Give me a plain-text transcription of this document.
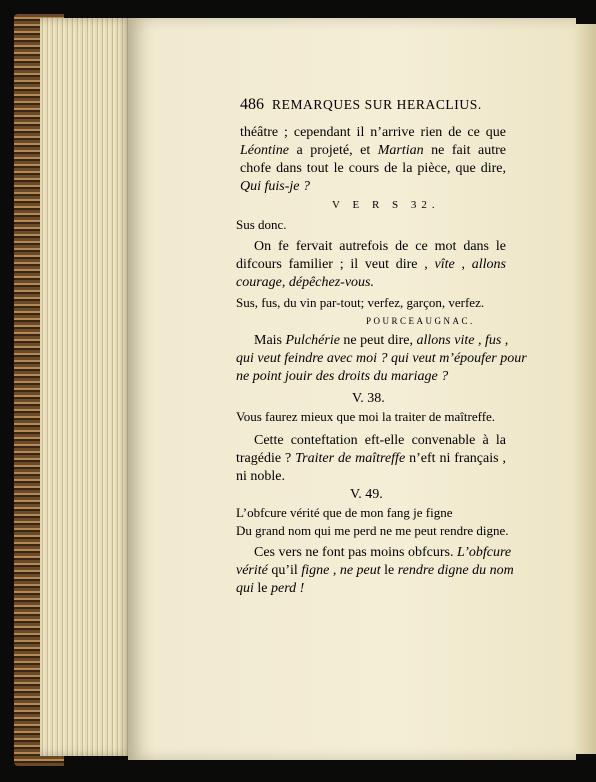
486 REMARQUES SUR HERACLIUS.
théâtre ; cependant il n’arrive rien de ce que
Léontine a projeté, et Martian ne fait autre
chofe dans tout le cours de la pièce, que dire,
Qui fuis-je ?
V E R S 32.
Sus donc.
On fe fervait autrefois de ce mot dans le
difcours familier ; il veut dire , vîte , allons
courage, dépêchez-vous.
Sus, fus, du vin par-tout; verfez, garçon, verfez.
POURCEAUGNAC.
Mais Pulchérie ne peut dire, allons vite , fus ,
qui veut feindre avec moi ? qui veut m’époufer pour
ne point jouir des droits du mariage ?
V. 38.
Vous faurez mieux que moi la traiter de maîtreffe.
Cette conteftation eft-elle convenable à la
tragédie ? Traiter de maîtreffe n’eft ni français ,
ni noble.
V. 49.
L’obfcure vérité que de mon fang je figne
Du grand nom qui me perd ne me peut rendre digne.
Ces vers ne font pas moins obfcurs. L’obfcure
vérité qu’il figne , ne peut le rendre digne du nom
qui le perd !
